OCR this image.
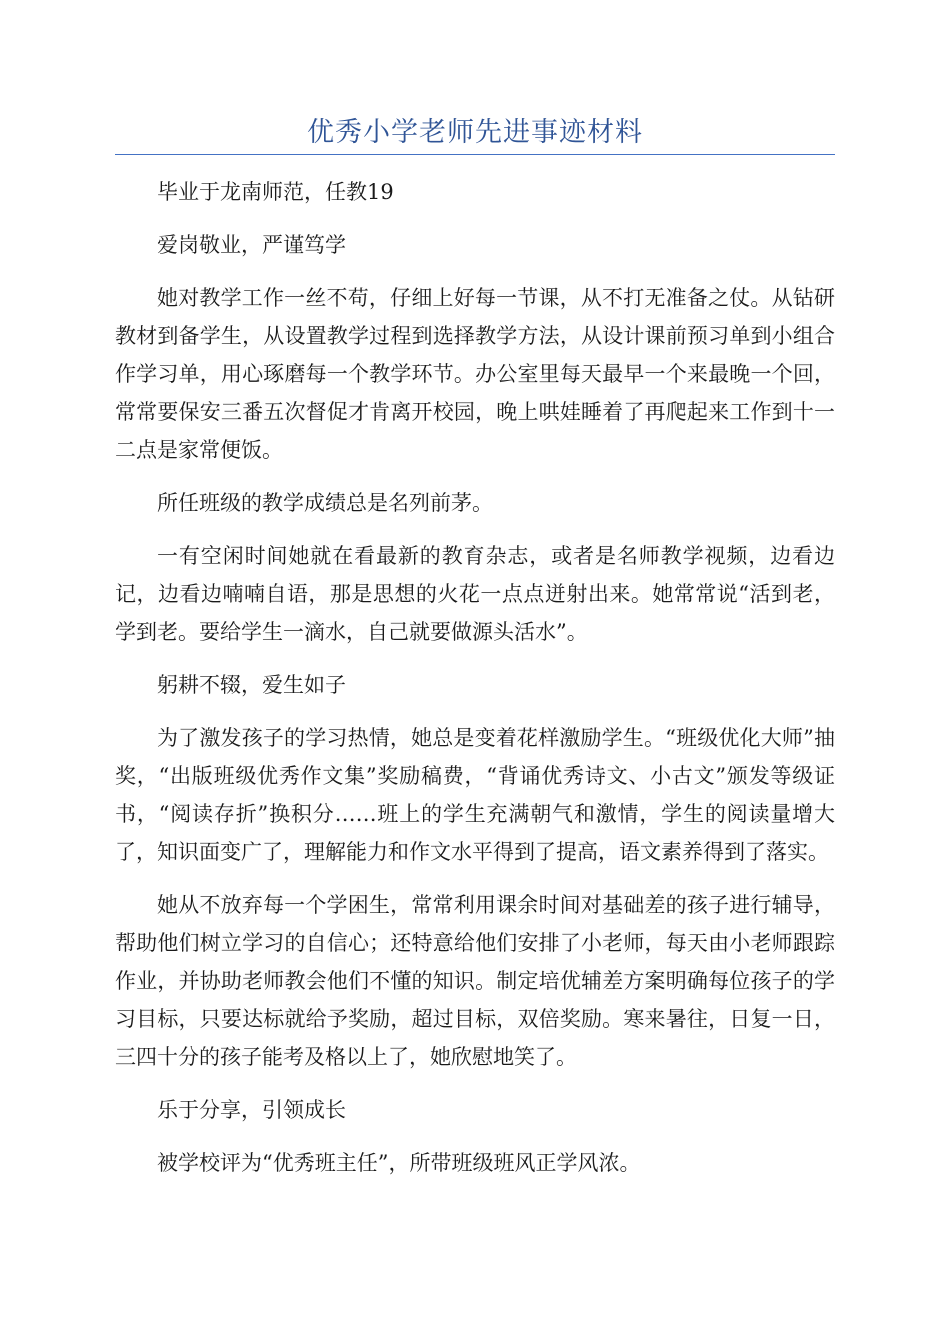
优秀小学老师先进事迹材料

毕业于龙南师范，任教19

爱岗敬业，严谨笃学

她对教学工作一丝不苟，仔细上好每一节课，从不打无准备之仗。从钻研教材到备学生，从设置教学过程到选择教学方法，从设计课前预习单到小组合作学习单，用心琢磨每一个教学环节。办公室里每天最早一个来最晚一个回，常常要保安三番五次督促才肯离开校园，晚上哄娃睡着了再爬起来工作到十一二点是家常便饭。

所任班级的教学成绩总是名列前茅。

一有空闲时间她就在看最新的教育杂志，或者是名师教学视频，边看边记，边看边喃喃自语，那是思想的火花一点点迸射出来。她常常说“活到老，学到老。要给学生一滴水，自己就要做源头活水”。

躬耕不辍，爱生如子

为了激发孩子的学习热情，她总是变着花样激励学生。“班级优化大师”抽奖，“出版班级优秀作文集”奖励稿费，“背诵优秀诗文、小古文”颁发等级证书，“阅读存折”换积分……班上的学生充满朝气和激情，学生的阅读量增大了，知识面变广了，理解能力和作文水平得到了提高，语文素养得到了落实。

她从不放弃每一个学困生，常常利用课余时间对基础差的孩子进行辅导，帮助他们树立学习的自信心；还特意给他们安排了小老师，每天由小老师跟踪作业，并协助老师教会他们不懂的知识。制定培优辅差方案明确每位孩子的学习目标，只要达标就给予奖励，超过目标，双倍奖励。寒来暑往，日复一日，三四十分的孩子能考及格以上了，她欣慰地笑了。

乐于分享，引领成长

被学校评为“优秀班主任”，所带班级班风正学风浓。
